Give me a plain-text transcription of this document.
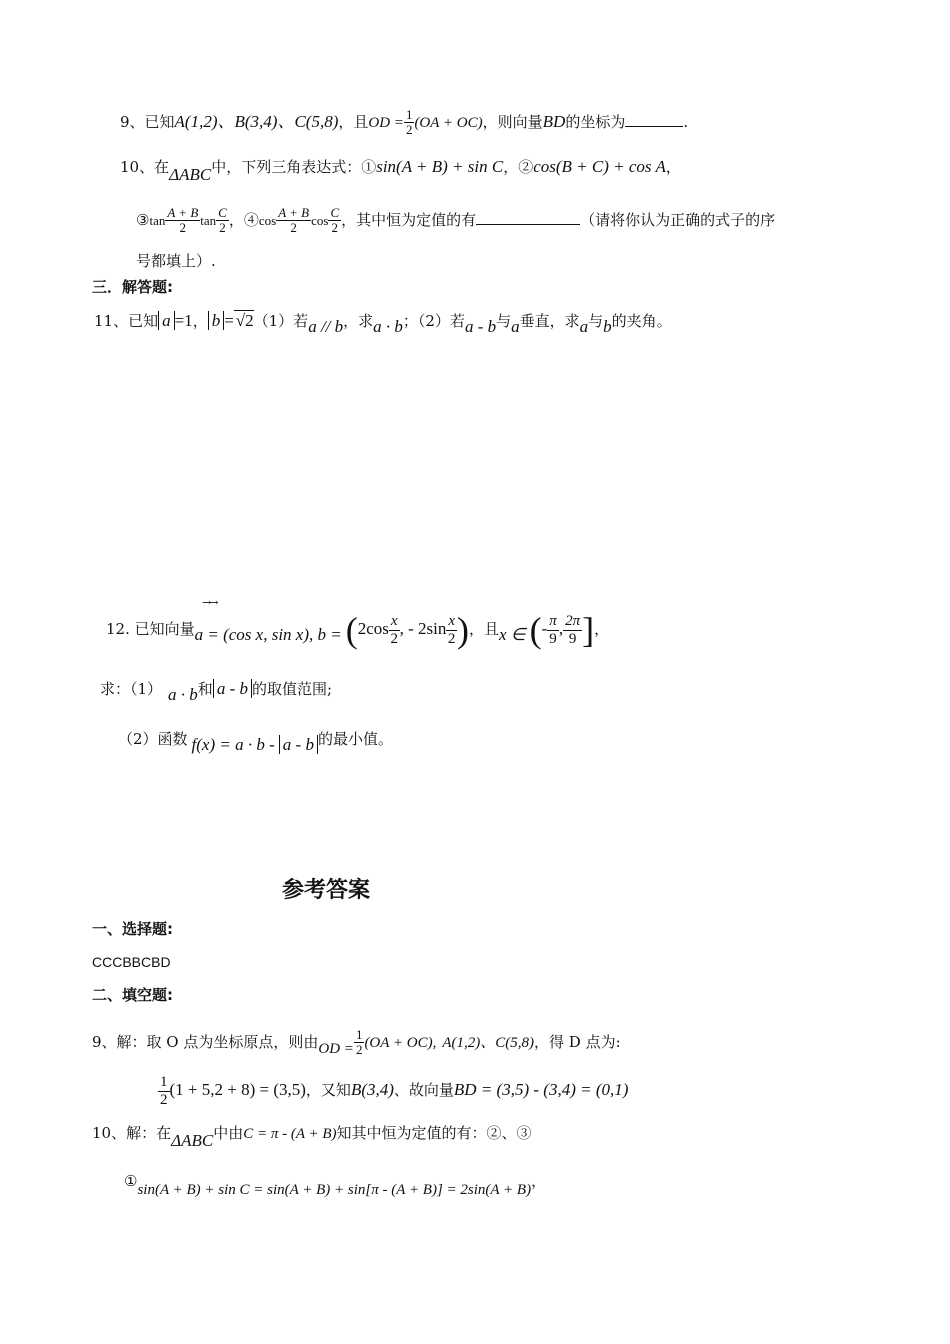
9、已知A(1,2)、B(3,4)、C(5,8)，且OD = $\frac{1}{2} (OA + OC)$，则向量BD的坐标为	.
10、在ΔABC中，下列三角表达式：①sin(A + B) + sin C，②cos(B + C) + cos A，
③tan $\frac{A + B}{2}$ $\tan \frac{C}{2}$ ，④cos $\frac{A + B}{2}$ $\cos \frac{C}{2}$ ，其中恒为定值的有	（请将你认为正确的式子的序
号都填上）.
三．解答题:
11、已知 a =1， b = √2（1）若a // b，求a · b；（2）若a - b与a垂直，求a与b的夹角。
→→
12. 已知向量a = (cos x, sin x), $b = (2\cos \frac{x}{2}$ , - $2\sin \frac{x}{2}$ )，且x ∈ (- $\frac{\pi}{9}$ , $\frac{2\pi}{9}$ ]，
求：（1） a · b和 a - b 的取值范围;
（2）函数 f(x) = a · b - a - b 的最小值。
参考答案
一、选择题:
CCCBBCBD
二、填空题:
9、解：取 O 点为坐标原点，则由OD = $\frac{1}{2} (OA + OC)$, A(1,2)、C(5,8)，得 D 点为:
$\frac{1}{2} (1 + 5,2 + 8) = (3,5)$，又知B(3,4)、故向量BD = (3,5) - (3,4) = (0,1)
10、解：在ΔABC中由C = π - (A + B)知其中恒为定值的有：②、③
①sin(A + B) + sin C = sin(A + B) + sin[π - (A + B)] = 2sin(A + B)，
